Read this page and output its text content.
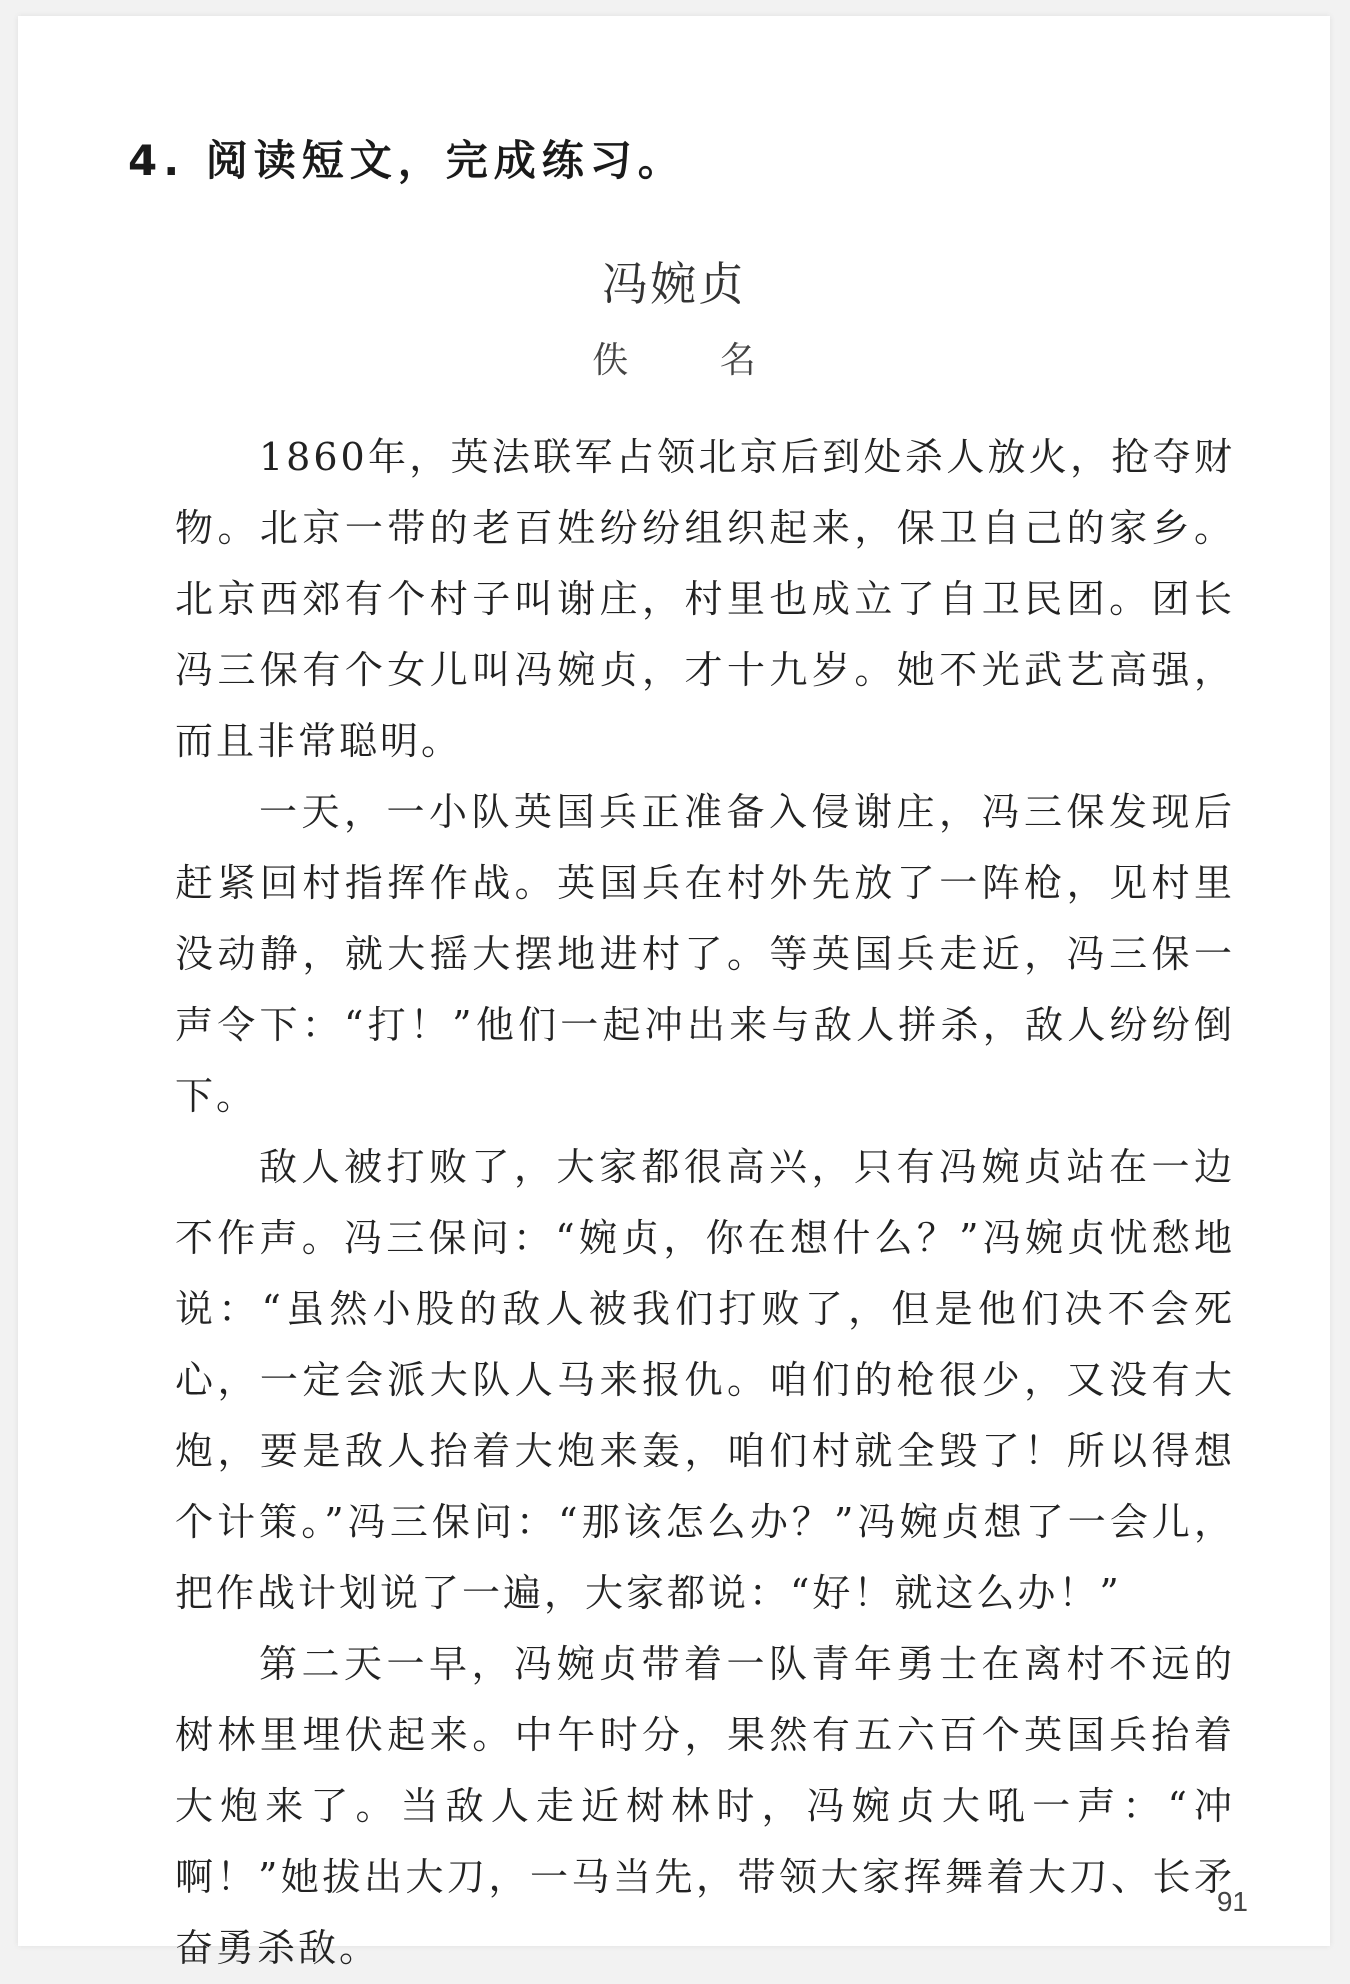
4. 阅读短文，完成练习。
冯婉贞
佚 名

1860年，英法联军占领北京后到处杀人放火，抢夺财物。北京一带的老百姓纷纷组织起来，保卫自己的家乡。北京西郊有个村子叫谢庄，村里也成立了自卫民团。团长冯三保有个女儿叫冯婉贞，才十九岁。她不光武艺高强，而且非常聪明。

一天，一小队英国兵正准备入侵谢庄，冯三保发现后赶紧回村指挥作战。英国兵在村外先放了一阵枪，见村里没动静，就大摇大摆地进村了。等英国兵走近，冯三保一声令下：“打！”他们一起冲出来与敌人拼杀，敌人纷纷倒下。

敌人被打败了，大家都很高兴，只有冯婉贞站在一边不作声。冯三保问：“婉贞，你在想什么？”冯婉贞忧愁地说：“虽然小股的敌人被我们打败了，但是他们决不会死心，一定会派大队人马来报仇。咱们的枪很少，又没有大炮，要是敌人抬着大炮来轰，咱们村就全毁了！所以得想个计策。”冯三保问：“那该怎么办？”冯婉贞想了一会儿，把作战计划说了一遍，大家都说：“好！就这么办！”

第二天一早，冯婉贞带着一队青年勇士在离村不远的树林里埋伏起来。中午时分，果然有五六百个英国兵抬着大炮来了。当敌人走近树林时，冯婉贞大吼一声：“冲啊！”她拔出大刀，一马当先，带领大家挥舞着大刀、长矛奋勇杀敌。

91
